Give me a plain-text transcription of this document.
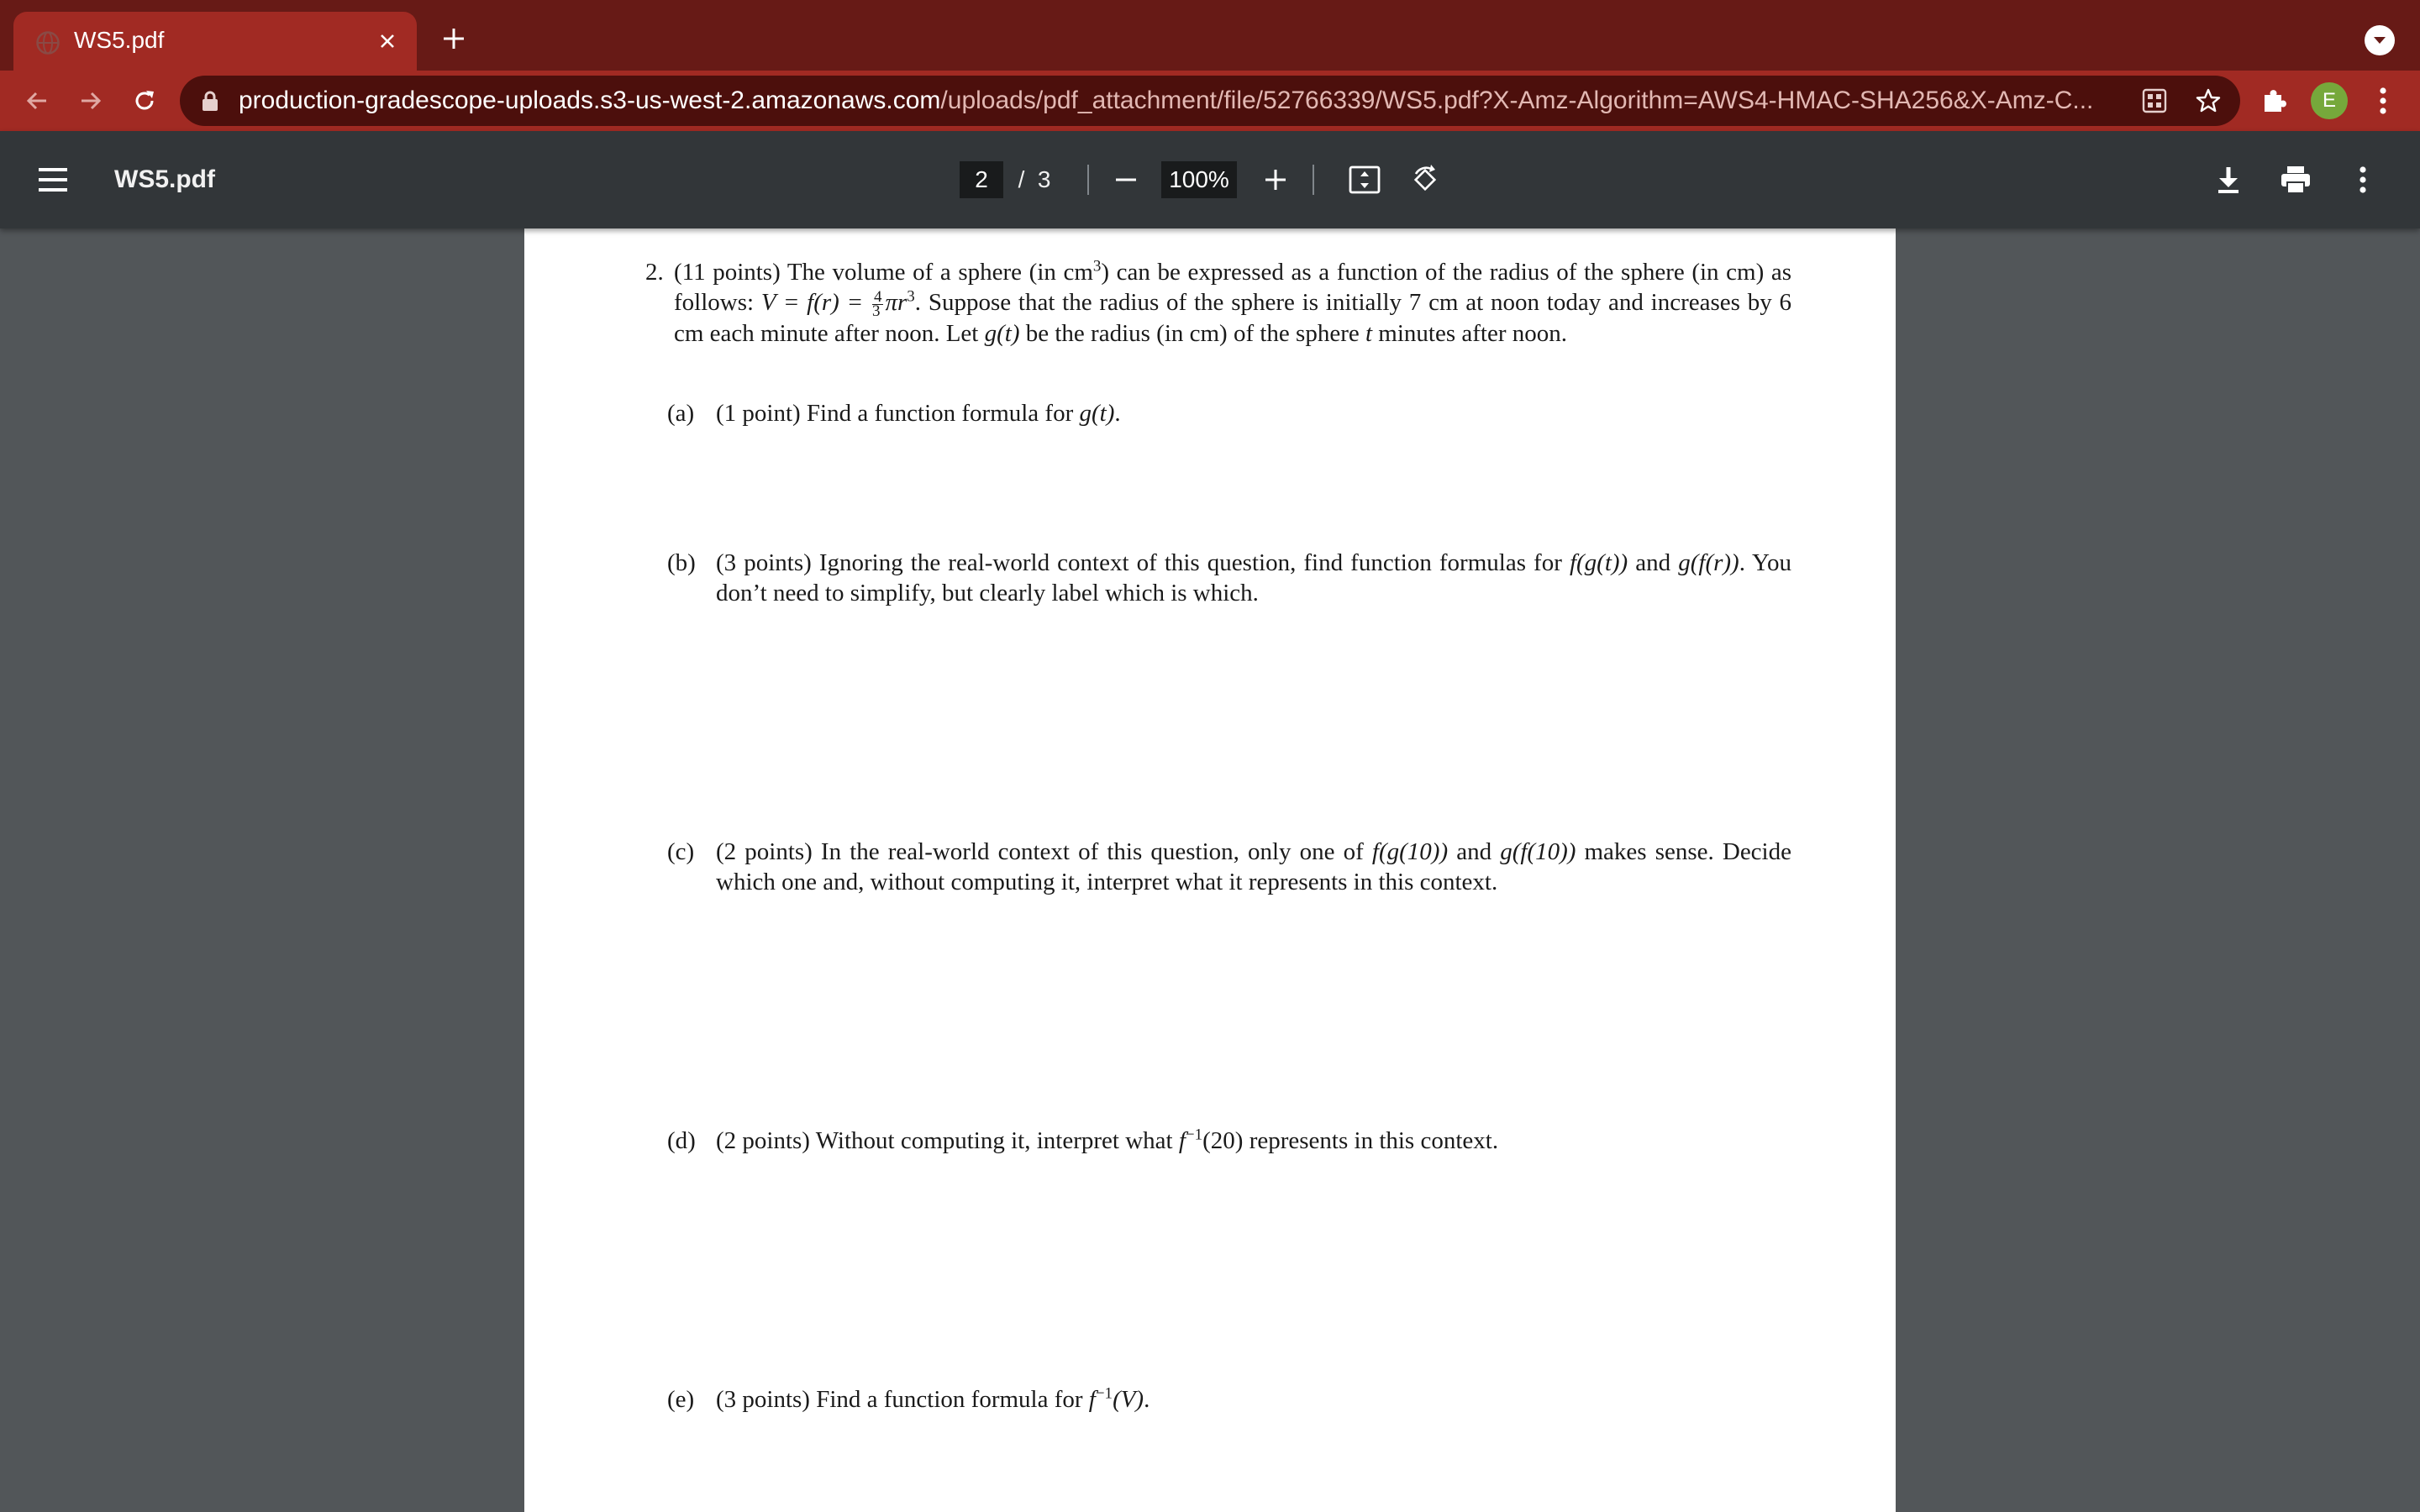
WS5.pdf
production-gradescope-uploads.s3-us-west-2.amazonaws.com/uploads/pdf_attachment/file/52766339/WS5.pdf?X-Amz-Algorithm=AWS4-HMAC-SHA256&X-Amz-C...	E
WS5.pdf	2	/ 3	100%
2. (11 points) The volume of a sphere (in $cm^3$) can be expressed as a function of the radius of the sphere (in cm) as follows: $V = f(r) = \frac{4}{3} \pi r^3$. Suppose that the radius of the sphere is initially 7 cm at noon today and increases by 6 cm each minute after noon. Let g(t) be the radius (in cm) of the sphere t minutes after noon.
(a) (1 point) Find a function formula for g(t).
(b) (3 points) Ignoring the real-world context of this question, find function formulas for f(g(t)) and g(f(r)). You don’t need to simplify, but clearly label which is which.
(c) (2 points) In the real-world context of this question, only one of f(g(10)) and g(f(10)) makes sense. Decide which one and, without computing it, interpret what it represents in this context.
(d) (2 points) Without computing it, interpret what $f^{-1}(20)$ represents in this context.
(e) (3 points) Find a function formula for $f^{-1}(V)$.
